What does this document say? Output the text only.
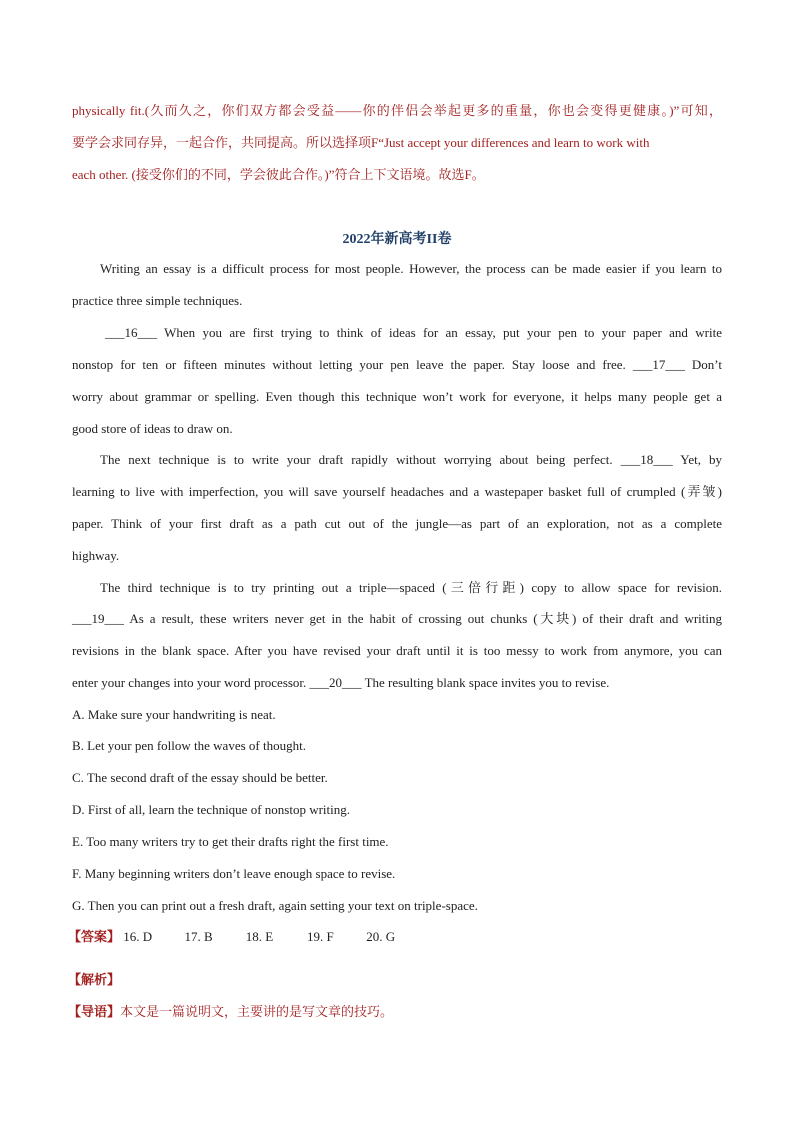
physically fit.(久而久之，你们双方都会受益——你的伴侣会举起更多的重量，你也会变得更健康。)”可知，
要学会求同存异，一起合作，共同提高。所以选择项F“Just accept your differences and learn to work with
each other. (接受你们的不同，学会彼此合作。)”符合上下文语境。故选F。
2022年新高考II卷
Writing an essay is a difficult process for most people. However, the process can be made easier if you learn to
practice three simple techniques.
___16___ When you are first trying to think of ideas for an essay, put your pen to your paper and write
nonstop for ten or fifteen minutes without letting your pen leave the paper. Stay loose and free. ___17___ Don’t
worry about grammar or spelling. Even though this technique won’t work for everyone, it helps many people get a
good store of ideas to draw on.
The next technique is to write your draft rapidly without worrying about being perfect. ___18___ Yet, by
learning to live with imperfection, you will save yourself headaches and a wastepaper basket full of crumpled (弄皱)
paper. Think of your first draft as a path cut out of the jungle—as part of an exploration, not as a complete
highway.
The third technique is to try printing out a triple—spaced (三倍行距) copy to allow space for revision.
___19___ As a result, these writers never get in the habit of crossing out chunks (大块) of their draft and writing
revisions in the blank space. After you have revised your draft until it is too messy to work from anymore, you can
enter your changes into your word processor. ___20___ The resulting blank space invites you to revise.
A. Make sure your handwriting is neat.
B. Let your pen follow the waves of thought.
C. The second draft of the essay should be better.
D. First of all, learn the technique of nonstop writing.
E. Too many writers try to get their drafts right the first time.
F. Many beginning writers don’t leave enough space to revise.
G. Then you can print out a fresh draft, again setting your text on triple-space.
【答案】 16. D 17. B	18. E	19. F	20. G
【解析】
【导语】本文是一篇说明文，主要讲的是写文章的技巧。
